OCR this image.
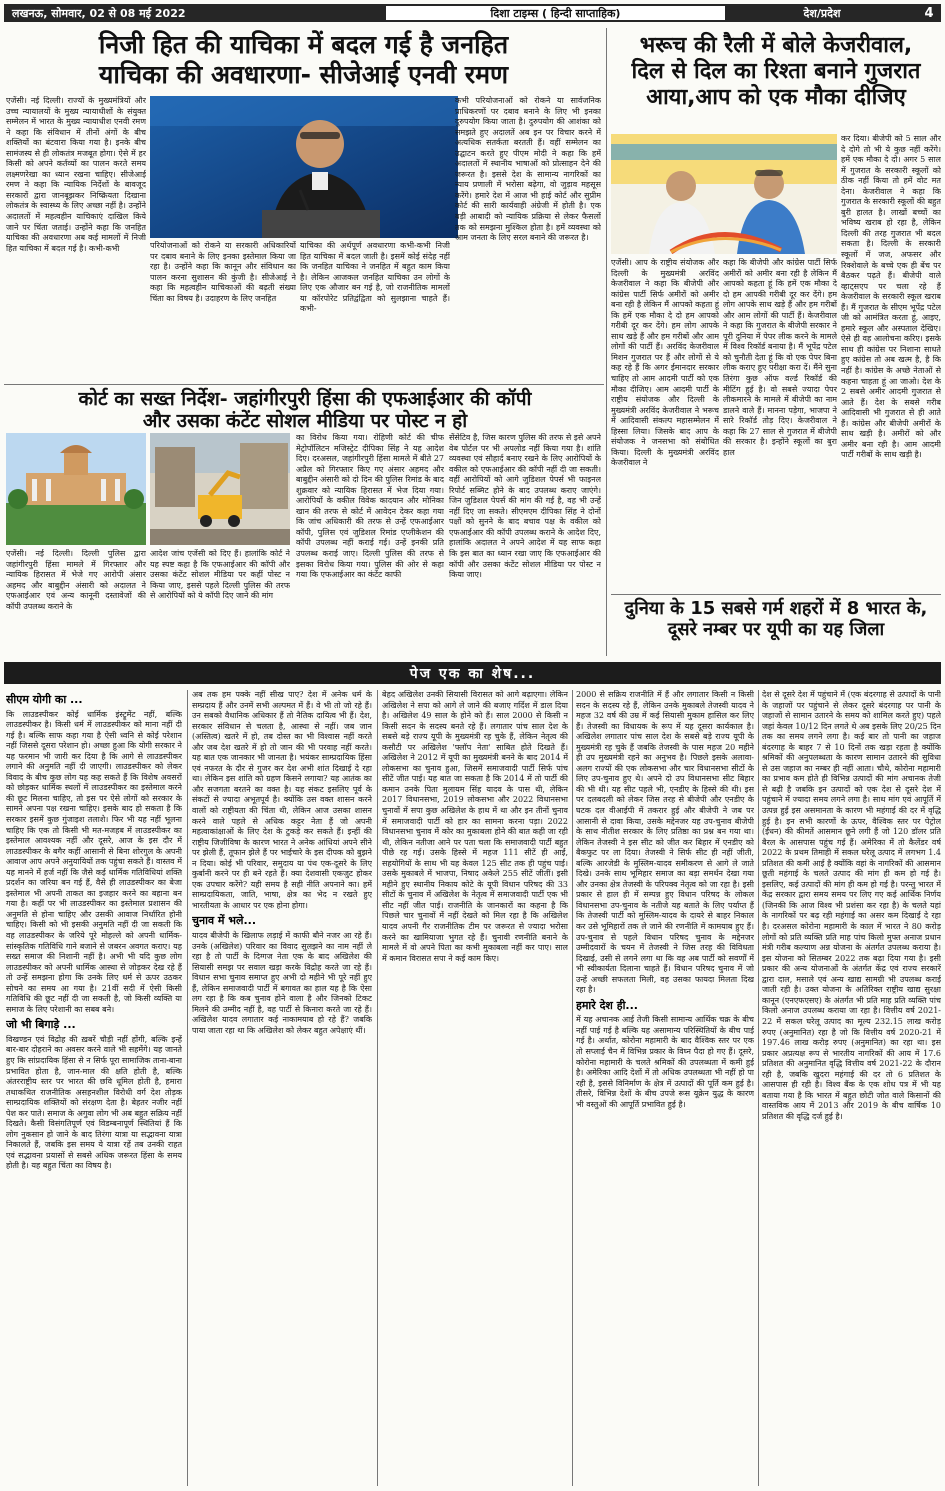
लखनऊ, सोमवार, 02 से 08 मई 2022	दिशा टाइम्स ( हिन्दी साप्ताहिक)	देश/प्रदेश	4
निजी हित की याचिका में बदल गई है जनहित
याचिका की अवधारणा- सीजेआई एनवी रमण
एजेंसी। नई दिल्ली। राज्यों के मुख्यमंत्रियों और उच्च न्यायालयों के मुख्य न्यायाधीशों के संयुक्त सम्मेलन में भारत के मुख्य न्यायाधीश एनवी रमण ने कहा कि संविधान में तीनों अंगों के बीच शक्तियों का बंटवारा किया गया है। इनके बीच सामंजस्य से ही लोकतंत्र मजबूत होगा। ऐसे में हर किसी को अपने कर्तव्यों का पालन करते समय लक्ष्मणरेखा का ध्यान रखना चाहिए। सीजेआई रमण ने कहा कि न्यायिक निर्देशों के बावजूद सरकारों द्वारा जानबूझकर निष्क्रियता दिखाना लोकतंत्र के स्वास्थ्य के लिए अच्छा नहीं है। उन्होंने अदालतों में महत्वहीन याचिकाएं दाखिल किये जाने पर चिंता जताई। उन्होंने कहा कि जनहित याचिका की अवधारणा अब कई मामलों में निजी हित याचिका में बदल गई है। कभी-कभी	परियोजनाओं को रोकने या सरकारी अधिकारियों पर दबाव बनाने के लिए इनका इस्तेमाल किया जा रहा है। उन्होंने कहा कि कानून और संविधान का पालन करना सुशासन की कुंजी है। सीजेआई ने कहा कि महत्वहीन याचिकाओं की बढ़ती संख्या चिंता का विषय है। उदाहरण के लिए जनहित
याचिका की अर्थपूर्ण अवधारणा कभी-कभी निजी हित याचिका में बदल जाती है। इसमें कोई संदेह नहीं कि जनहित याचिका ने जनहित में बहुत काम किया है। लेकिन आजकल जनहित याचिका उन लोगों के लिए एक औजार बन गई है, जो राजनीतिक मामलों या कॉरपोरेट प्रतिद्वंद्विता को सुलझाना चाहते हैं। कभी-
कभी परियोजनाओं को रोकने या सार्वजनिक प्राधिकरणों पर दबाव बनाने के लिए भी इनका दुरुपयोग किया जाता है। दुरुपयोग की आशंका को समझते हुए अदालतें अब इन पर विचार करने में अत्यधिक सतर्कता बरतती हैं। वहीं सम्मेलन का उद्घाटन करते हुए पीएम मोदी ने कहा कि हमें अदालतों में स्थानीय भाषाओं को प्रोत्साहन देने की जरूरत है। इससे देश के सामान्य नागरिकों का न्याय प्रणाली में भरोसा बढ़ेगा, वो जुड़ाव महसूस करेंगे। हमारे देश में आज भी हाई कोर्ट और सुप्रीम कोर्ट की सारी कार्यवाही अंग्रेजी में होती है। एक बड़ी आबादी को न्यायिक प्रक्रिया से लेकर फैसलों तक को समझना मुश्किल होता है। हमें व्यवस्था को आम जनता के लिए सरल बनाने की जरूरत है।
भरूच की रैली में बोले केजरीवाल,
दिल से दिल का रिश्ता बनाने गुजरात
आया,आप को एक मौका दीजिए
एजेंसी। आप के राष्ट्रीय संयोजक और दिल्ली के मुख्यमंत्री अरविंद केजरीवाल ने कहा कि बीजेपी और कांग्रेस पार्टी सिर्फ अमीरों को अमीर बना रही है लेकिन मैं आपको कहता हूं कि हमें एक मौका दे दो हम आपको गरीबी दूर कर देंगे। हम लोग आपके साथ खड़े हैं और हम गरीबों और आम लोगों की पार्टी हैं। अरविंद केजरीवाल मिशन गुजरात पर हैं और लोगों से ये कह रहे हैं कि अगर ईमानदार सरकार चाहिए तो आम आदमी पार्टी को एक मौका दीजिए। आम आदमी पार्टी के राष्ट्रीय संयोजक और दिल्ली के मुख्यमंत्री अरविंद केजरीवाल ने भरूच में आदिवासी संकल्प महासम्मेलन में हिस्सा लिया। जिसके बाद आप के संयोजक ने जनसभा को संबोधित किया। दिल्ली के मुख्यमंत्री अरविंद केजरीवाल ने
कहा कि बीजेपी और कांग्रेस पार्टी सिर्फ अमीरों को अमीर बना रही है लेकिन मैं आपको कहता हूं कि हमें एक मौका दे दो हम आपकी गरीबी दूर कर देंगे। हम लोग आपके साथ खड़े हैं और हम गरीबों और आम लोगों की पार्टी हैं। केजरीवाल ने कहा कि गुजरात के बीजेपी सरकार ने पूरी दुनिया में पेपर लीक करने के मामले में विश्व रिकॉर्ड बनाया है। मैं भूपेंद्र पटेल को चुनौती देता हूं कि वो एक पेपर बिना लीक कराए हुए परीक्षा करा दें। मैंने सुना तिरंगा कुछ ऑफ वर्ल्ड रिकॉर्ड की मीटिंग हुई है। वो सबसे ज्यादा पेपर लीकमारने के मामले में बीजेपी का नाम डालने वाले हैं। मानना पड़ेगा, भाजपा ने सारे रिकॉर्ड तोड़ दिए। केजरीवाल ने कहा कि 27 साल से गुजरात में बीजेपी की सरकार है। इन्होंने स्कूलों का बुरा हाल
कर दिया। बीजेपी को 5 साल और दे दोगे तो भी ये कुछ नहीं करेंगे। हमें एक मौका दे दो। अगर 5 साल में गुजरात के सरकारी स्कूलों को ठीक नहीं किया तो हमें वोट मत देना। केजरीवाल ने कहा कि गुजरात के सरकारी स्कूलों की बहुत बुरी हालत है। लाखों बच्चों का भविष्य खराब हो रहा है, लेकिन दिल्ली की तरह गुजरात भी बदल सकता है। दिल्ली के सरकारी स्कूलों में जज, अफसर और रिक्शेवाले के बच्चे एक ही बेंच पर बैठकर पढ़ते हैं। बीजेपी वाले व्हाट्सएप पर चला रहे हैं केजरीवाल के सरकारी स्कूल खराब हैं। मैं गुजरात के सीएम भूपेंद्र पटेल जी को आमंत्रित करता हूं, आइए, हमारे स्कूल और अस्पताल देखिए। ऐसे ही वह आलोचना करिए। इसके साथ ही कांग्रेस पर निशाना साधते हुए कांग्रेस तो अब खत्म है, है कि नहीं है। कांग्रेस के अच्छे नेताओं से कहना चाहता हूं आ जाओ। देश के 2 सबसे अमीर आदमी गुजरात से आते हैं। देश के सबसे गरीब आदिवासी भी गुजरात से ही आते हैं। कांग्रेस और बीजेपी अमीरों के साथ खड़ी है। अमीरों को और अमीर बना रही है। आम आदमी पार्टी गरीबों के साथ खड़ी है।
दुनिया के 15 सबसे गर्म शहरों में 8 भारत के,
दूसरे नम्बर पर यूपी का यह जिला
कोर्ट का सख्त निर्देश- जहांगीरपुरी हिंसा की एफआईआर की कॉपी
और उसका कंटेंट सोशल मीडिया पर पोस्ट न हो
एजेंसी। नई दिल्ली। दिल्ली पुलिस द्वारा जहांगीरपुरी हिंसा मामले में गिरफ्तार और न्यायिक हिरासत में भेजे गए आरोपी अंसार अहमद और बाबुद्दीन अंसारी को अदालत ने एफआईआर एवं अन्य कानूनी दस्तावेजों की कॉपी उपलब्ध कराने के
आदेश जांच एजेंसी को दिए हैं। हालांकि कोर्ट ने यह स्पष्ट कहा है कि एफआईआर की कॉपी और उसका कंटेंट सोशल मीडिया पर कहीं पोस्ट न किया जाए, इससे पहले दिल्ली पुलिस की तरफ से आरोपियों को ये कॉपी दिए जाने की मांग
का विरोध किया गया। रोहिणी कोर्ट की चीफ मेट्रोपॉलिटन मजिस्ट्रेट दीपिका सिंह ने यह आदेश दिए। दरअसल, जहांगीरपुरी हिंसा मामले में बीते 27 अप्रैल को गिरफ्तार किए गए अंसार अहमद और बाबुद्दीन अंसारी को दो दिन की पुलिस रिमांड के बाद शुक्रवार को न्यायिक हिरासत में भेज दिया गया। आरोपियों के वकील विवेक कादयान और मोनिका खान की तरफ से कोर्ट में आवेदन देकर कहा गया कि जांच अधिकारी की तरफ से उन्हें एफआईआर कॉपी, पुलिस एवं जुडिशल रिमांड एप्लीकेशन की कॉपी उपलब्ध नहीं कराई गई। उन्हें इनकी प्रति उपलब्ध कराई जाए। दिल्ली पुलिस की तरफ से इसका विरोध किया गया। पुलिस की ओर से कहा गया कि एफआईआर का कंटेंट काफी
सेंसेटिव है, जिस कारण पुलिस की तरफ से इसे अपने वेब पोर्टल पर भी अपलोड नहीं किया गया है। शांति व्यवस्था एवं सौहार्द बनाए रखने के लिए आरोपियों के वकील को एफआईआर की कॉपी नहीं दी जा सकती। वहीं आरोपियों को आगे जुडिशल पेपर्स भी फाइनल रिपोर्ट सब्मिट होने के बाद उपलब्ध कराए जाएंगे। जिन जुडिशल पेपर्स की मांग की गई है, वह भी उन्हें नहीं दिए जा सकते। सीएमएम दीपिका सिंह ने दोनों पक्षों को सुनने के बाद बचाव पक्ष के वकील को एफआईआर की कॉपी उपलब्ध कराने के आदेश दिए, हालांकि अदालत ने अपने आदेश में यह साफ कहा कि इस बात का ध्यान रखा जाए कि एफआईआर की कॉपी और उसका कंटेंट सोशल मीडिया पर पोस्ट न किया जाए।
पेज एक का शेष...
सीएम योगी का ...

कि लाउडस्पीकर कोई धार्मिक इंस्ट्रूमेंट नहीं, बल्कि लाउडस्पीकर है। किसी धर्म में लाउडस्पीकर को माना नहीं दी गई है। बल्कि साफ कहा गया है ऐसी ध्वनि से कोई परेशान नहीं जिससे दूसरा परेशान हो। अच्छा हुआ कि योगी सरकार ने यह फरमान भी जारी कर दिया है कि आगे से लाउडस्पीकर लगाने की अनुमति नहीं दी जाएगी। लाउडस्पीकर को लेकर विवाद के बीच कुछ लोग यह कह सकते हैं कि विशेष अवसरों को छोड़कर धार्मिक स्थलों में लाउडस्पीकर का इस्तेमाल करने की छूट मिलना चाहिए, तो इस पर ऐसे लोगों को सरकार के सामने अपना पक्ष रखना चाहिए। इसके बाद हो सकता है कि सरकार इसमें कुछ गुंजाइश तलाशे। फिर भी यह नहीं भूलना चाहिए कि एक तो किसी भी मत-मजहब में लाउडस्पीकर का इस्तेमाल आवश्यक नहीं और दूसरे, आज के इस दौर में लाउडस्पीकर के बगैर कहीं आसानी से बिना शोरगुल के अपनी आवाज आप अपने अनुयायियों तक पहुंचा सकते हैं। वास्तव में यह मानने में हर्ज नहीं कि जैसे कई धार्मिक गतिविधियां शक्ति प्रदर्शन का जरिया बन गई हैं, वैसे ही लाउडस्पीकर का बेजा इस्तेमाल भी अपनी ताकत का इजहार करने का बहाना बन गया है। कहीं पर भी लाउडस्पीकर का इस्तेमाल प्रशासन की अनुमति से होना चाहिए और उसकी आवाज निर्धारित होनी चाहिए। किसी को भी इसकी अनुमति नहीं दी जा सकती कि वह लाउडस्पीकर के जरिये पूरे मोहल्ले को अपनी धार्मिक-सांस्कृतिक गतिविधि गाने बजाने से जबरन अवगत कराए। यह सख्त समाज की निशानी नहीं है। अभी भी यदि कुछ लोग लाउडस्पीकर को अपनी धार्मिक आस्था से जोड़कर देख रहे हैं तो उन्हें समझना होगा कि उनके लिए धर्म से ऊपर उठकर सोचने का समय आ गया है। 21वीं सदी में ऐसी किसी गतिविधि की छूट नहीं दी जा सकती है, जो किसी व्यक्ति या समाज के लिए परेशानी का सबब बने।

जो भी बिगाड़े ...

विखण्डन एवं विद्रोह की ख़बरें चौड़ी नहीं होंगी, बल्कि इन्हें बार-बार दोहराने का अवसर करने वाले भी सहमेंगे। यह जानते हुए कि सांप्रदायिक हिंसा से न सिर्फ पूरा सामाजिक ताना-बाना प्रभावित होता है, जान-माल की क्षति होती है, बल्कि अंतरराष्ट्रीय स्तर पर भारत की छवि धूमिल होती है, हमारा तथाकथित राजनीतिक असहनशील विरोधी वर्ग देश तोड़क साम्प्रदायिक शक्तियों को संरक्षण देता है। बेहतर नजीर नहीं पेश कर पाते। समाज के अगुवा लोग भी अब बहुत सक्रिय नहीं दिखते। कैसी विसंगतिपूर्ण एवं विडम्बनापूर्ण स्थितियां हैं कि लोग नुकसान हो जाने के बाद तिरंगा यात्रा या सद्भावना यात्रा निकालते हैं, जबकि इस समय ये यात्रा रहें तब उनकी राहत एवं सद्भावना प्रयासों से सबसे अधिक जरूरत हिंसा के समय होती है। यह बहुत चिंता का विषय है।

अब तक हम पक्के नहीं सीख पाए? देश में अनेक धर्म के सम्प्रदाय हैं और उनमें सभी अल्पमत में हैं। वे भी तो जो रहे हैं। उन सबको वैधानिक अधिकार हैं तो नैतिक दायित्व भी हैं। देश, सरकार संविधान से चलता है, आस्था से नहीं। जब जान (अस्तित्व) खतरे में हो, तब दोस्त का भी विश्वास नहीं करते और जब देश खतरे में हो तो जान की भी परवाह नहीं करते। यह बात एक जानकार भी जानता है। भयंकर साम्प्रदायिक हिंसा एवं नफरत के दौर से गुजर कर देश अभी शांत दिखाई दे रहा था। लेकिन इस शांति को ग्रहण किसने लगाया? यह आतंक का और सजगता बरतने का वक्त है। यह संकट इसलिए पूर्व के संकटों से ज्यादा अभूतपूर्व है। क्योंकि उस वक्त शासन करने वालों को राष्ट्रीयता की चिंता थी, लेकिन आज उसका शासन करने वाले पहले से अधिक कट्टर नेता हैं जो अपनी महत्वाकांक्षाओं के लिए देश के टुकड़े कर सकते हैं। इन्हीं की राष्ट्रीय जिजीविषा के कारण भारत ने अनेक आंधियां अपने सीने पर झेली हैं, तूफान झेले हैं पर भाईचारे के इस दीपक को बुझने न दिया। कोई भी परिवार, समुदाय या पंथ एक-दूसरे के लिए कुर्बानी करने पर ही बने रहते हैं। क्या देशवासी एकजुट होकर एक उपचार करेंगे? यही समय है सही नीति अपनाने का। हमें साम्प्रदायिकता, जाति, भाषा, क्षेत्र का भेद न रखते हुए भारतीयता के आधार पर एक होना होगा।

चुनाव में भले...

यादव बीजेपी के खिलाफ लड़ाई में काफी बौने नजर आ रहे हैं। उनके (अखिलेश) परिवार का विवाद सुलझने का नाम नहीं ले रहा है तो पार्टी के दिग्गज नेता एक के बाद अखिलेश की सियासी समझ पर सवाल खड़ा करके विद्रोह करते जा रहे हैं। विधान सभा चुनाव समाप्त हुए अभी दो महीने भी पूरे नहीं हुए हैं, लेकिन समाजवादी पार्टी में बगावत का हाल यह है कि ऐसा लग रहा है कि कब चुनाव होने वाला है और जिनको टिकट मिलने की उम्मीद नहीं है, वह पार्टी से किनारा करते जा रहे हैं। अखिलेश यादव लगातार कई नाकामयाब हो रहे हैं? जबकि पाया जाता रहा था कि अखिलेश को लेकर बहुत अपेक्षाएं थीं।

बेहद अखिलेश उनकी सियासी विरासत को आगे बढ़ाएगा। लेकिन अखिलेश ने सपा को आगे ले जाने की बजाए गर्दिश में डाल दिया है। अखिलेश 49 साल के होने को हैं। साल 2000 से किसी न किसी सदन के सदस्य बनते रहे हैं। लगातार पांच साल देश के सबसे बड़े राज्य यूपी के मुख्यमंत्री रह चुके हैं, लेकिन नेतृत्व की कसौटी पर अखिलेश 'फ्लॉप नेता' साबित होते दिखते हैं। अखिलेश ने 2012 में यूपी का मुख्यमंत्री बनने के बाद 2014 में लोकसभा का चुनाव हुआ, जिसमें समाजवादी पार्टी सिर्फ पांच सीटें जीत पाई। यह बात जा सकता है कि 2014 में तो पार्टी की कमान उनके पिता मुलायम सिंह यादव के पास थी, लेकिन 2017 विधानसभा, 2019 लोकसभा और 2022 विधानसभा चुनावों में सपा कुछ अखिलेश के हाथ में था और इन तीनों चुनाव में समाजवादी पार्टी को हार का सामना करना पड़ा। 2022 विधानसभा चुनाव में कोर का मुकाबला होने की बात कही जा रही थी, लेकिन नतीजा आने पर पता चला कि समाजवादी पार्टी बहुत पीछे रह गई। उसके हिस्से में महज 111 सीटें ही आईं, सहयोगियों के साथ भी यह केवल 125 सीट तक ही पहुंच पाई। उसके मुकाबले में भाजपा, निषाद अकेले 255 सीटें जीतीं। इसी महीने हुए स्थानीय निकाय कोटे के यूपी विधान परिषद की 33 सीटों के चुनाव में अखिलेश के नेतृत्व में समाजवादी पार्टी एक भी सीट नहीं जीत पाई। राजनीति के जानकारों का कहना है कि पिछले चार चुनावों में नहीं देखते को मिल रहा है कि अखिलेश यादव अपनी गैर राजनीतिक टीम पर जरूरत से ज्यादा भरोसा करने का खामियाजा भुगत रहे हैं। चुनावी रणनीति बनाने के मामले में वो अपने पिता का कभी मुकाबला नहीं कर पाए। साल में कमान विरासत सपा ने कई काम किए।

2000 से सक्रिय राजनीति में हैं और लगातार किसी न किसी सदन के सदस्य रहे हैं, लेकिन उनके मुकाबले तेजस्वी यादव ने महज 32 वर्ष की उम्र में कई सियासी मुकाम हासिल कर लिए हैं। तेजस्वी का विधायक के रूप में यह दूसरा कार्यकाल है। अखिलेश लगातार पांच साल देश के सबसे बड़े राज्य यूपी के मुख्यमंत्री रह चुके हैं जबकि तेजस्वी के पास महज 20 महीने ही उप मुख्यमंत्री रहने का अनुभव है। पिछले इसके अलावा-अलग राज्यों की एक लोकसभा और चार विधानसभा सीटों के लिए उप-चुनाव हुए थे। अपने दो उप विधानसभा सीट बिहार की भी थी। यह सीट पहले भी, एनडीए के हिस्से की थी। इस पर दलबदली को लेकर जिस तरह से बीजेपी और एनडीए के घटक दल वीआईपी में तकरार हुई और बीजेपी ने जब पर आसानी से दावा किया, उसके मद्देनजर यह उप-चुनाव बीजेपी के साथ नीतीश सरकार के लिए प्रतिष्ठा का प्रश्न बन गया था। लेकिन तेजस्वी ने इस सीट को जीत कर बिहार में एनडीए को बैकफुट पर ला दिया। तेजस्वी ने सिर्फ सीट ही नहीं जीती, बल्कि आरजेडी के मुस्लिम-यादव समीकरण से आगे ले जाते दिखे। उनके साथ भूमिहार समाज का बड़ा समर्थन देखा गया और उनका क्षेत्र तेजस्वी के परिपक्व नेतृत्व को जा रहा है। इसी प्रकार से हाल ही में सम्पन्न हुए विधान परिषद के लोकल विधानसभा उप-चुनाव के नतीजे यह बताते के लिए पर्याप्त हैं कि तेजस्वी पार्टी को मुस्लिम-यादव के दायरे से बाहर निकाल कर उसे भूमिहारों तक ले जाने की रणनीति में कामयाब हुए हैं। उप-चुनाव से पहले विधान परिषद चुनाव के मद्देनजर उम्मीदवारों के चयन में तेजस्वी ने जिस तरह की विविधता दिखाई, उसी से लगने लगा था कि वह अब पार्टी को सवर्णों में भी स्वीकार्यता दिलाना चाहते हैं। विधान परिषद चुनाव में जो उन्हें अच्छी सफलता मिली, वह उसका फायदा मिलता दिख रहा है।

हमारे देश ही...

में यह अचानक आई तेजी किसी सामान्य आर्थिक चक्र के बीच नहीं पाई गई है बल्कि यह असामान्य परिस्थितियों के बीच पाई गई है। अर्थात, कोरोना महामारी के बाद वैश्विक स्तर पर एक तो सप्लाई चैन में विभिन्न प्रकार के विघ्न पैदा हो गए हैं। दूसरे, कोरोना महामारी के चलते श्रमिकों की उपलब्धता में कमी हुई है। अमेरिका आदि देशों में तो अधिक उपलब्धता भी नहीं हो पा रही है, इससे विनिर्माण के क्षेत्र में उत्पादों की पूर्ति कम हुई है। तीसरे, विभिन्न देशों के बीच उपजे रूस यूक्रेन युद्ध के कारण भी वस्तुओं की आपूर्ति प्रभावित हुई है।

देश से दूसरे देश में पहुंचाने में (एक बंदरगाह से उत्पादों के पानी के जहाजों पर पहुंचाने से लेकर दूसरे बंदरगाह पर पानी के जहाजों से सामान उतारने के समय को शामिल करते हुए) पहले जहां केवल 10/12 दिन लगते थे अब इसके लिए 20/25 दिन तक का समय लगने लगा है। कई बार तो पानी का जहाज बंदरगाह के बाहर 7 से 10 दिनों तक खड़ा रहता है क्योंकि श्रमिकों की अनुपलब्धता के कारण सामान उतारने की सुविधा से उस जहाज का नम्बर ही नहीं आता। चौथे, कोरोना महामारी का प्रभाव कम होते ही विभिन्न उत्पादों की मांग अचानक तेजी से बढ़ी है जबकि इन उत्पादों को एक देश से दूसरे देश में पहुंचाने में ज्यादा समय लगने लगा है। साथ मांग एवं आपूर्ति में उत्पन्न हुई इस असमानता के कारण भी महंगाई की दर में वृद्धि हुई है। इन सभी कारणों के ऊपर, वैश्विक स्तर पर पेट्रोल (ईंधन) की कीमतें आसमान छूने लगी हैं जो 120 डॉलर प्रति बैरल के आसपास पहुंच गई हैं। अमेरिका में तो कैलेंडर वर्ष 2022 के प्रथम तिमाही में सकल घरेलू उत्पाद में लगभग 1.4 प्रतिशत की कमी आई है क्योंकि वहां के नागरिकों की आसमान छूती महंगाई के चलते उत्पाद की मांग ही कम हो गई है। इसलिए, कई उत्पादों की मांग ही कम हो गई है। परन्तु भारत में केंद्र सरकार द्वारा समय समय पर लिए गए कई आर्थिक निर्णय (जिनकी कि आज विश्व भी प्रशंसा कर रहा है) के चलते यहां के नागरिकों पर बढ़ रही महंगाई का असर कम दिखाई दे रहा है। दरअसल कोरोना महामारी के काल में भारत ने 80 करोड़ लोगों को प्रति व्यक्ति प्रति माह पांच किलो मुफ्त अनाज प्रधान मंत्री गरीब कल्याण अन्न योजना के अंतर्गत उपलब्ध कराया है। इस योजना को सितम्बर 2022 तक बढ़ा दिया गया है। इसी प्रकार की अन्य योजनाओं के अंतर्गत केंद्र एवं राज्य सरकारें द्वारा दाल, मसाले एवं अन्य खाद्य सामग्री भी उपलब्ध कराई जाती रही है। उक्त योजना के अतिरिक्त राष्ट्रीय खाद्य सुरक्षा कानून (एनएफएसए) के अंतर्गत भी प्रति माह प्रति व्यक्ति पांच किलो अनाज उपलब्ध कराया जा रहा है। वित्तीय वर्ष 2021-22 में सकल घरेलू उत्पाद का मूल्य 232.15 लाख करोड़ रुपए (अनुमानित) रहा है जो कि वित्तीय वर्ष 2020-21 में 197.46 लाख करोड़ रुपए (अनुमानित) का रहा था। इस प्रकार अप्रत्यक्ष रूप से भारतीय नागरिकों की आय में 17.6 प्रतिशत की अनुमानित वृद्धि वित्तीय वर्ष 2021-22 के दौरान रही है, जबकि खुदरा महंगाई की दर तो 6 प्रतिशत के आसपास ही रही है। विश्व बैंक के एक शोध पत्र में भी यह बताया गया है कि भारत में बहुत छोटी जोत वाले किसानों की वास्तविक आय में 2013 और 2019 के बीच वार्षिक 10 प्रतिशत की वृद्धि दर्ज हुई है।
